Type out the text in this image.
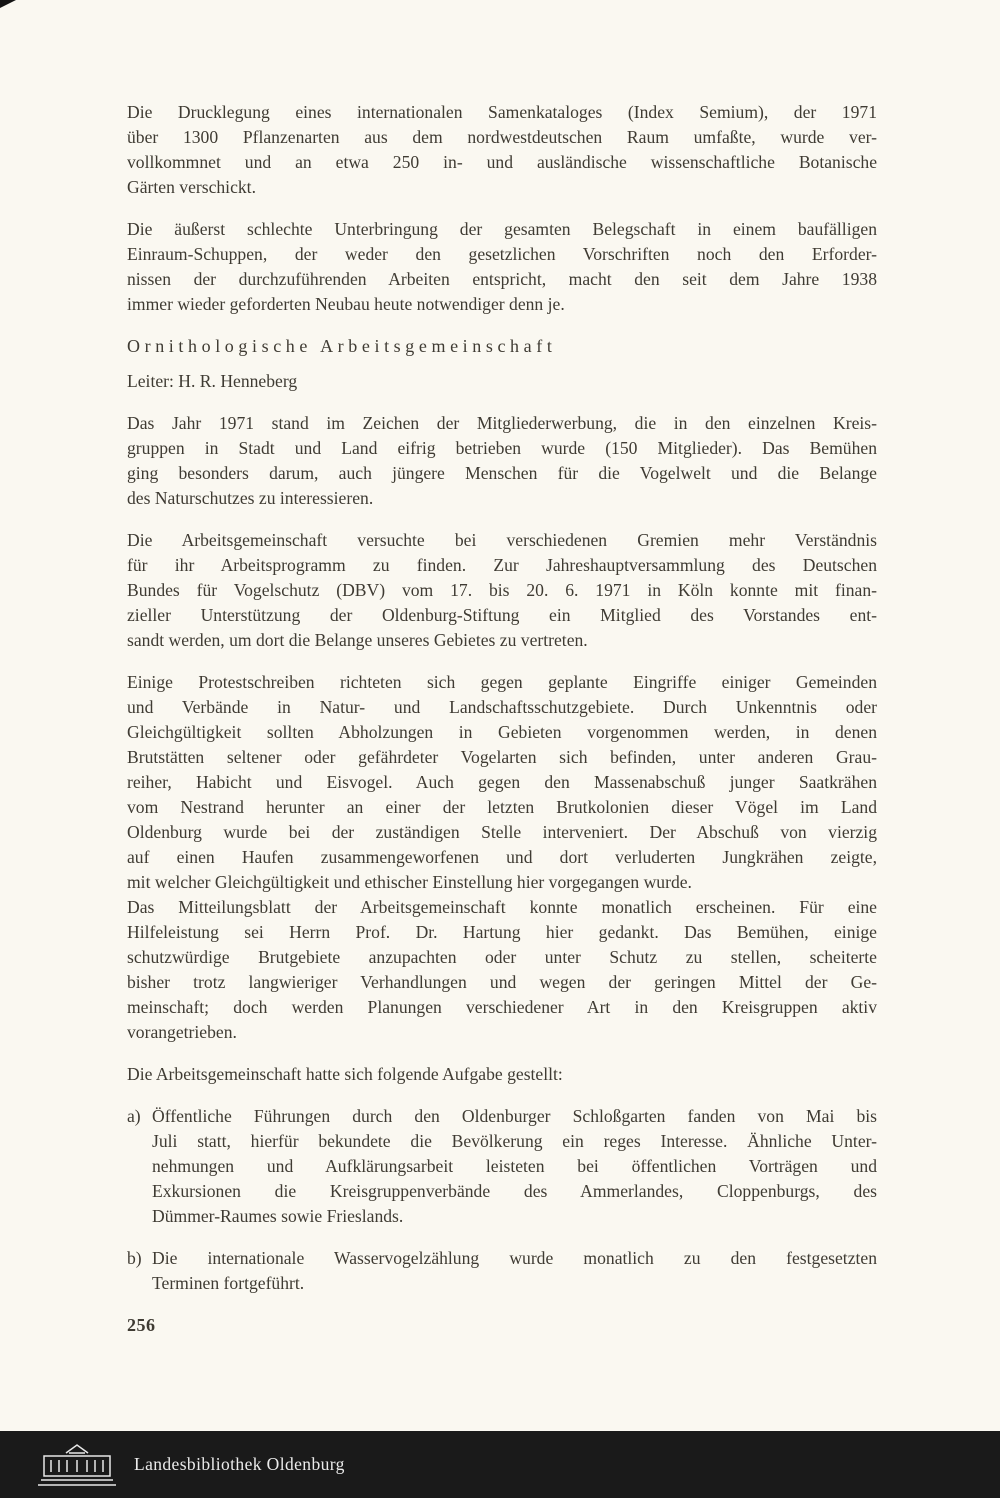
Die Drucklegung eines internationalen Samenkataloges (Index Semium), der 1971
über 1300 Pflanzenarten aus dem nordwestdeutschen Raum umfaßte, wurde ver-
vollkommnet und an etwa 250 in- und ausländische wissenschaftliche Botanische
Gärten verschickt.
Die äußerst schlechte Unterbringung der gesamten Belegschaft in einem baufälligen
Einraum-Schuppen, der weder den gesetzlichen Vorschriften noch den Erforder-
nissen der durchzuführenden Arbeiten entspricht, macht den seit dem Jahre 1938
immer wieder geforderten Neubau heute notwendiger denn je.
Ornithologische Arbeitsgemeinschaft
Leiter: H. R. Henneberg
Das Jahr 1971 stand im Zeichen der Mitgliederwerbung, die in den einzelnen Kreis-
gruppen in Stadt und Land eifrig betrieben wurde (150 Mitglieder). Das Bemühen
ging besonders darum, auch jüngere Menschen für die Vogelwelt und die Belange
des Naturschutzes zu interessieren.
Die Arbeitsgemeinschaft versuchte bei verschiedenen Gremien mehr Verständnis
für ihr Arbeitsprogramm zu finden. Zur Jahreshauptversammlung des Deutschen
Bundes für Vogelschutz (DBV) vom 17. bis 20. 6. 1971 in Köln konnte mit finan-
zieller Unterstützung der Oldenburg-Stiftung ein Mitglied des Vorstandes ent-
sandt werden, um dort die Belange unseres Gebietes zu vertreten.
Einige Protestschreiben richteten sich gegen geplante Eingriffe einiger Gemeinden
und Verbände in Natur- und Landschaftsschutzgebiete. Durch Unkenntnis oder
Gleichgültigkeit sollten Abholzungen in Gebieten vorgenommen werden, in denen
Brutstätten seltener oder gefährdeter Vogelarten sich befinden, unter anderen Grau-
reiher, Habicht und Eisvogel. Auch gegen den Massenabschuß junger Saatkrähen
vom Nestrand herunter an einer der letzten Brutkolonien dieser Vögel im Land
Oldenburg wurde bei der zuständigen Stelle interveniert. Der Abschuß von vierzig
auf einen Haufen zusammengeworfenen und dort verluderten Jungkrähen zeigte,
mit welcher Gleichgültigkeit und ethischer Einstellung hier vorgegangen wurde.
Das Mitteilungsblatt der Arbeitsgemeinschaft konnte monatlich erscheinen. Für eine
Hilfeleistung sei Herrn Prof. Dr. Hartung hier gedankt. Das Bemühen, einige
schutzwürdige Brutgebiete anzupachten oder unter Schutz zu stellen, scheiterte
bisher trotz langwieriger Verhandlungen und wegen der geringen Mittel der Ge-
meinschaft; doch werden Planungen verschiedener Art in den Kreisgruppen aktiv
vorangetrieben.
Die Arbeitsgemeinschaft hatte sich folgende Aufgabe gestellt:
a) Öffentliche Führungen durch den Oldenburger Schloßgarten fanden von Mai bis
Juli statt, hierfür bekundete die Bevölkerung ein reges Interesse. Ähnliche Unter-
nehmungen und Aufklärungsarbeit leisteten bei öffentlichen Vorträgen und
Exkursionen die Kreisgruppenverbände des Ammerlandes, Cloppenburgs, des
Dümmer-Raumes sowie Frieslands.
b) Die internationale Wasservogelzählung wurde monatlich zu den festgesetzten
Terminen fortgeführt.
256
Landesbibliothek Oldenburg
